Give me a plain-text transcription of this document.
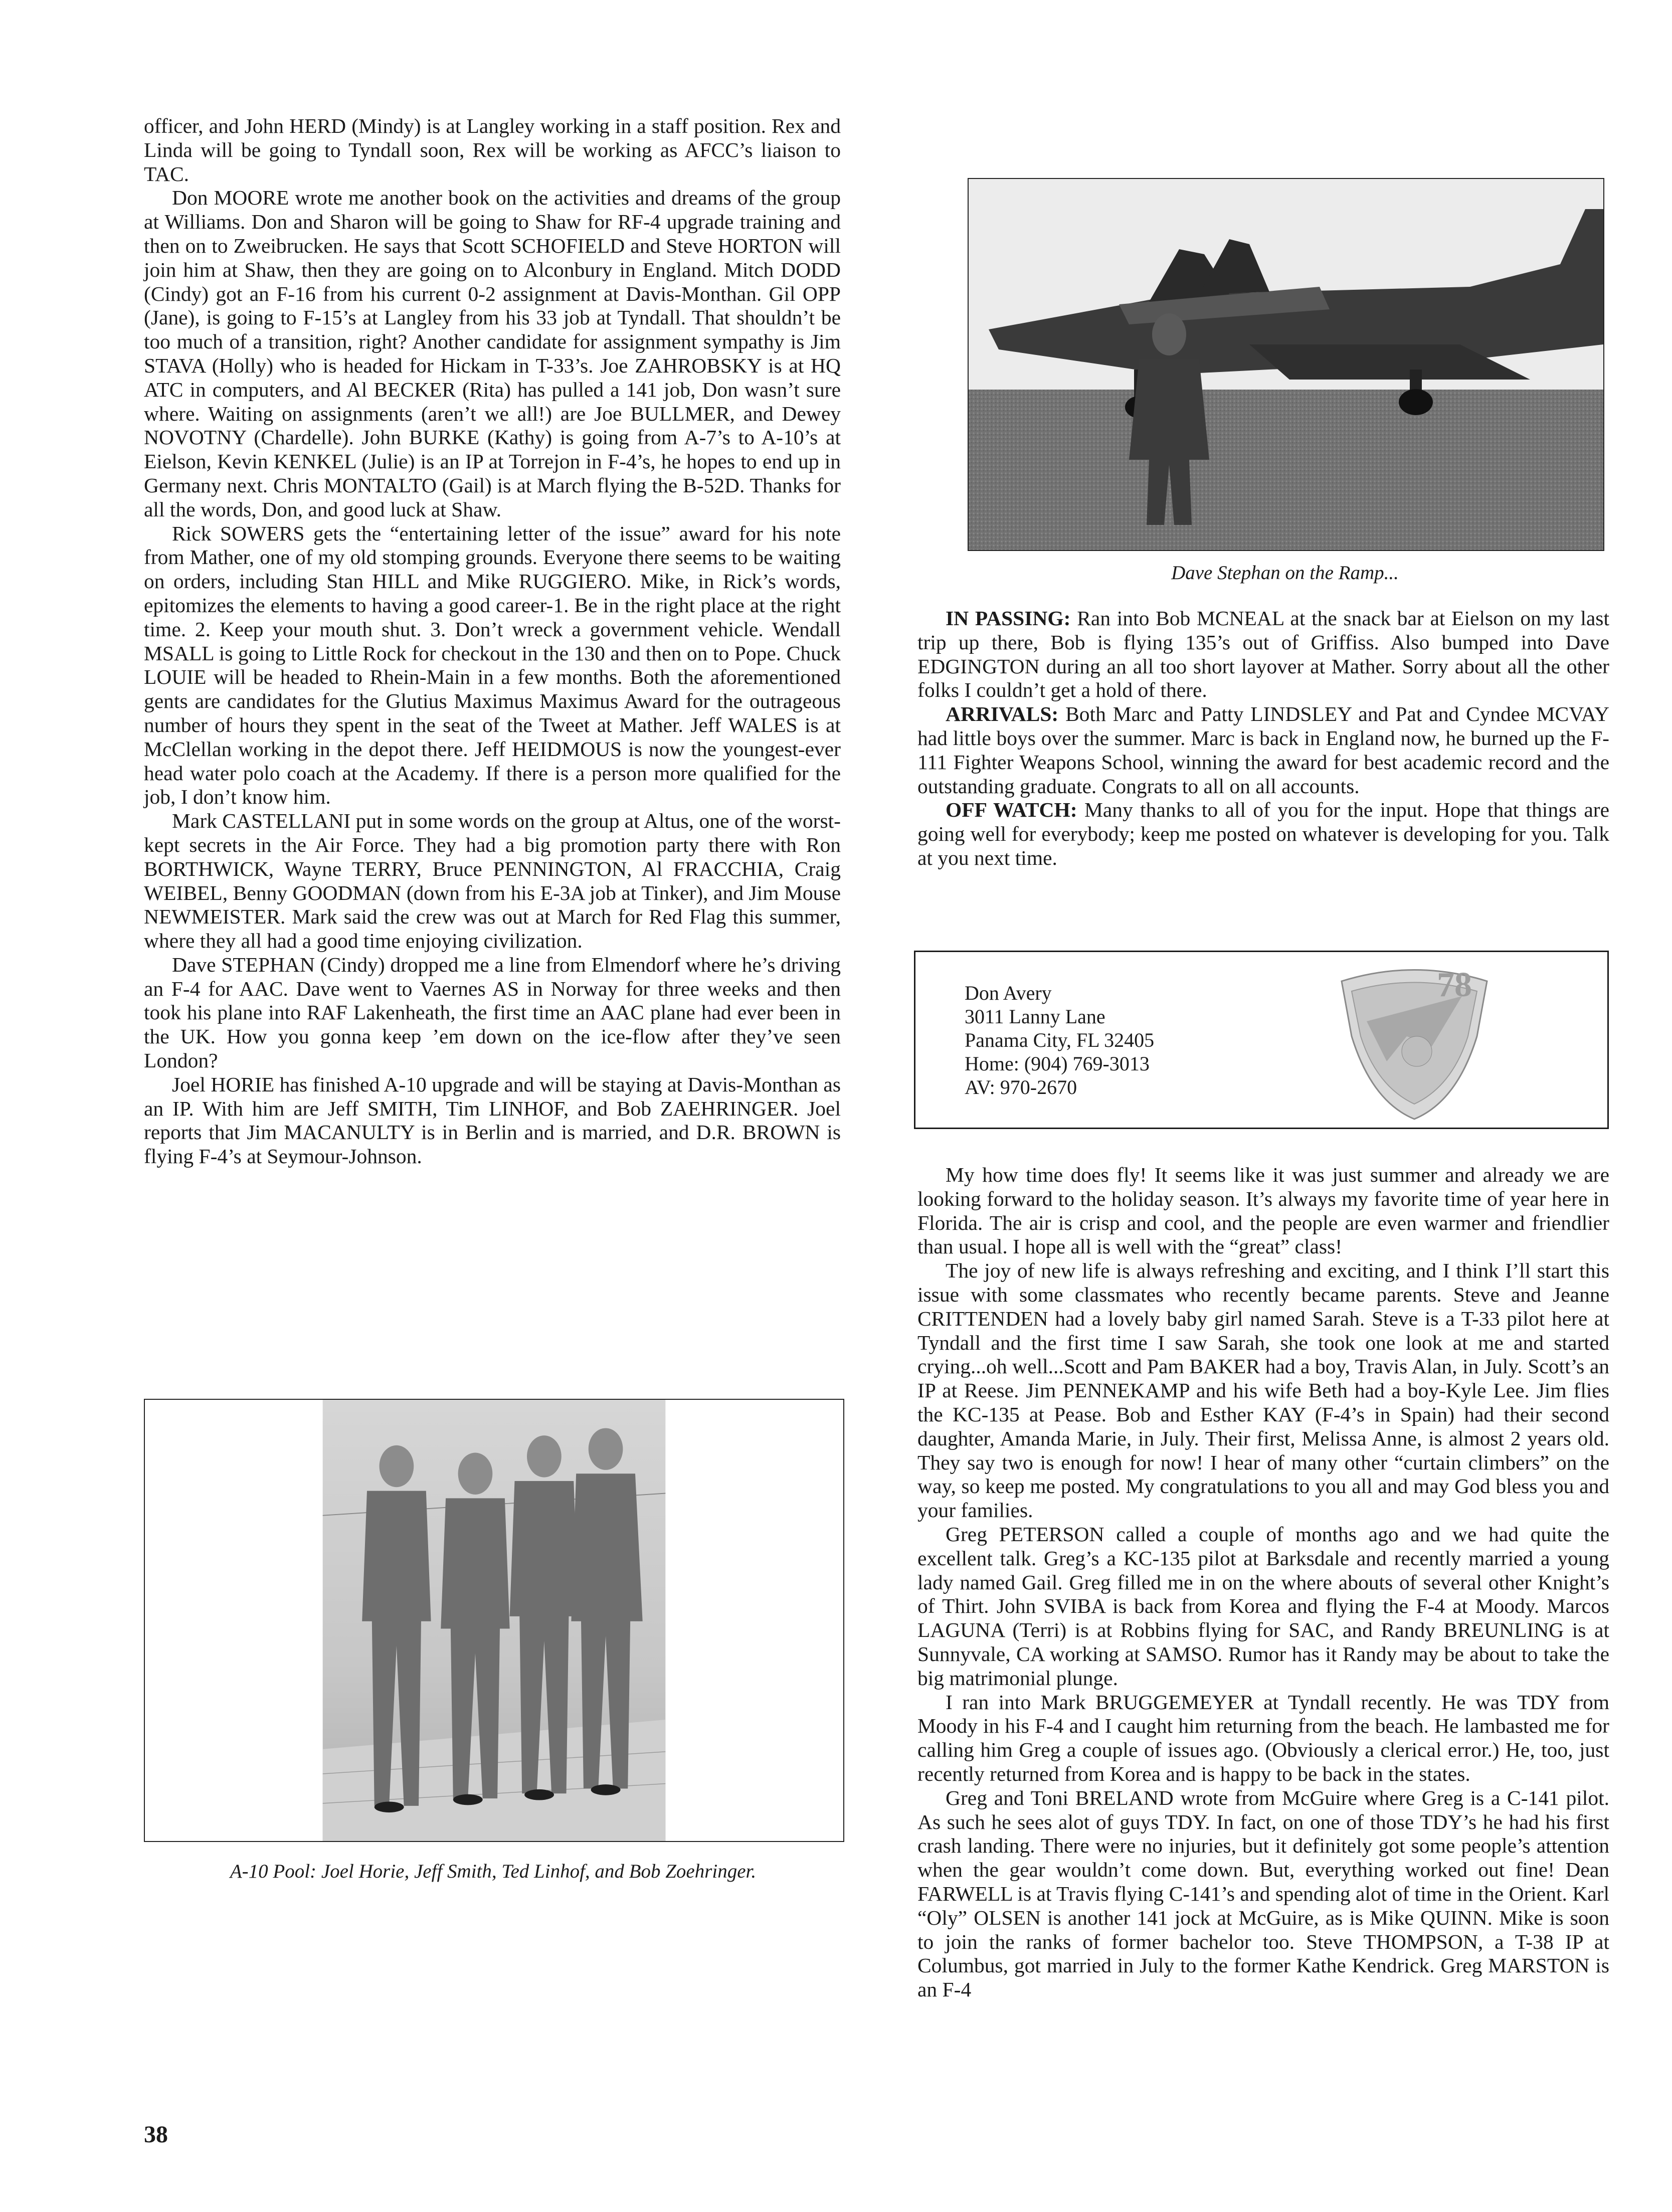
officer, and John HERD (Mindy) is at Langley working in a staff position. Rex and Linda will be going to Tyndall soon, Rex will be working as AFCC’s liaison to TAC.

Don MOORE wrote me another book on the activities and dreams of the group at Williams. Don and Sharon will be going to Shaw for RF-4 upgrade training and then on to Zweibrucken. He says that Scott SCHOFIELD and Steve HORTON will join him at Shaw, then they are going on to Alconbury in England. Mitch DODD (Cindy) got an F-16 from his current 0-2 assignment at Davis-Monthan. Gil OPP (Jane), is going to F-15’s at Langley from his 33 job at Tyndall. That shouldn’t be too much of a transition, right? Another candidate for assignment sympathy is Jim STAVA (Holly) who is headed for Hickam in T-33’s. Joe ZAHROBSKY is at HQ ATC in computers, and Al BECKER (Rita) has pulled a 141 job, Don wasn’t sure where. Waiting on assignments (aren’t we all!) are Joe BULLMER, and Dewey NOVOTNY (Chardelle). John BURKE (Kathy) is going from A-7’s to A-10’s at Eielson, Kevin KENKEL (Julie) is an IP at Torrejon in F-4’s, he hopes to end up in Germany next. Chris MONTALTO (Gail) is at March flying the B-52D. Thanks for all the words, Don, and good luck at Shaw.

Rick SOWERS gets the “entertaining letter of the issue” award for his note from Mather, one of my old stomping grounds. Everyone there seems to be waiting on orders, including Stan HILL and Mike RUGGIERO. Mike, in Rick’s words, epitomizes the elements to having a good career-1. Be in the right place at the right time. 2. Keep your mouth shut. 3. Don’t wreck a government vehicle. Wendall MSALL is going to Little Rock for checkout in the 130 and then on to Pope. Chuck LOUIE will be headed to Rhein-Main in a few months. Both the aforementioned gents are candidates for the Glutius Maximus Maximus Award for the outrageous number of hours they spent in the seat of the Tweet at Mather. Jeff WALES is at McClellan working in the depot there. Jeff HEIDMOUS is now the youngest-ever head water polo coach at the Academy. If there is a person more qualified for the job, I don’t know him.

Mark CASTELLANI put in some words on the group at Altus, one of the worst-kept secrets in the Air Force. They had a big promotion party there with Ron BORTHWICK, Wayne TERRY, Bruce PENNINGTON, Al FRACCHIA, Craig WEIBEL, Benny GOODMAN (down from his E-3A job at Tinker), and Jim Mouse NEWMEISTER. Mark said the crew was out at March for Red Flag this summer, where they all had a good time enjoying civilization.

Dave STEPHAN (Cindy) dropped me a line from Elmendorf where he’s driving an F-4 for AAC. Dave went to Vaernes AS in Norway for three weeks and then took his plane into RAF Lakenheath, the first time an AAC plane had ever been in the UK. How you gonna keep ’em down on the ice-flow after they’ve seen London?

Joel HORIE has finished A-10 upgrade and will be staying at Davis-Monthan as an IP. With him are Jeff SMITH, Tim LINHOF, and Bob ZAEHRINGER. Joel reports that Jim MACANULTY is in Berlin and is married, and D.R. BROWN is flying F-4’s at Seymour-Johnson.

Dave Stephan on the Ramp...

IN PASSING: Ran into Bob MCNEAL at the snack bar at Eielson on my last trip up there, Bob is flying 135’s out of Griffiss. Also bumped into Dave EDGINGTON during an all too short layover at Mather. Sorry about all the other folks I couldn’t get a hold of there.

ARRIVALS: Both Marc and Patty LINDSLEY and Pat and Cyndee MCVAY had little boys over the summer. Marc is back in England now, he burned up the F-111 Fighter Weapons School, winning the award for best academic record and the outstanding graduate. Congrats to all on all accounts.

OFF WATCH: Many thanks to all of you for the input. Hope that things are going well for everybody; keep me posted on whatever is developing for you. Talk at you next time.

Don Avery
3011 Lanny Lane
Panama City, FL 32405
Home: (904) 769-3013
AV: 970-2670
78

My how time does fly! It seems like it was just summer and already we are looking forward to the holiday season. It’s always my favorite time of year here in Florida. The air is crisp and cool, and the people are even warmer and friendlier than usual. I hope all is well with the “great” class!

The joy of new life is always refreshing and exciting, and I think I’ll start this issue with some classmates who recently became parents. Steve and Jeanne CRITTENDEN had a lovely baby girl named Sarah. Steve is a T-33 pilot here at Tyndall and the first time I saw Sarah, she took one look at me and started crying...oh well...Scott and Pam BAKER had a boy, Travis Alan, in July. Scott’s an IP at Reese. Jim PENNEKAMP and his wife Beth had a boy-Kyle Lee. Jim flies the KC-135 at Pease. Bob and Esther KAY (F-4’s in Spain) had their second daughter, Amanda Marie, in July. Their first, Melissa Anne, is almost 2 years old. They say two is enough for now! I hear of many other “curtain climbers” on the way, so keep me posted. My congratulations to you all and may God bless you and your families.

Greg PETERSON called a couple of months ago and we had quite the excellent talk. Greg’s a KC-135 pilot at Barksdale and recently married a young lady named Gail. Greg filled me in on the where abouts of several other Knight’s of Thirt. John SVIBA is back from Korea and flying the F-4 at Moody. Marcos LAGUNA (Terri) is at Robbins flying for SAC, and Randy BREUNLING is at Sunnyvale, CA working at SAMSO. Rumor has it Randy may be about to take the big matrimonial plunge.

I ran into Mark BRUGGEMEYER at Tyndall recently. He was TDY from Moody in his F-4 and I caught him returning from the beach. He lambasted me for calling him Greg a couple of issues ago. (Obviously a clerical error.) He, too, just recently returned from Korea and is happy to be back in the states.

Greg and Toni BRELAND wrote from McGuire where Greg is a C-141 pilot. As such he sees alot of guys TDY. In fact, on one of those TDY’s he had his first crash landing. There were no injuries, but it definitely got some people’s attention when the gear wouldn’t come down. But, everything worked out fine! Dean FARWELL is at Travis flying C-141’s and spending alot of time in the Orient. Karl “Oly” OLSEN is another 141 jock at McGuire, as is Mike QUINN. Mike is soon to join the ranks of former bachelor too. Steve THOMPSON, a T-38 IP at Columbus, got married in July to the former Kathe Kendrick. Greg MARSTON is an F-4

A-10 Pool: Joel Horie, Jeff Smith, Ted Linhof, and Bob Zoehringer.
38
